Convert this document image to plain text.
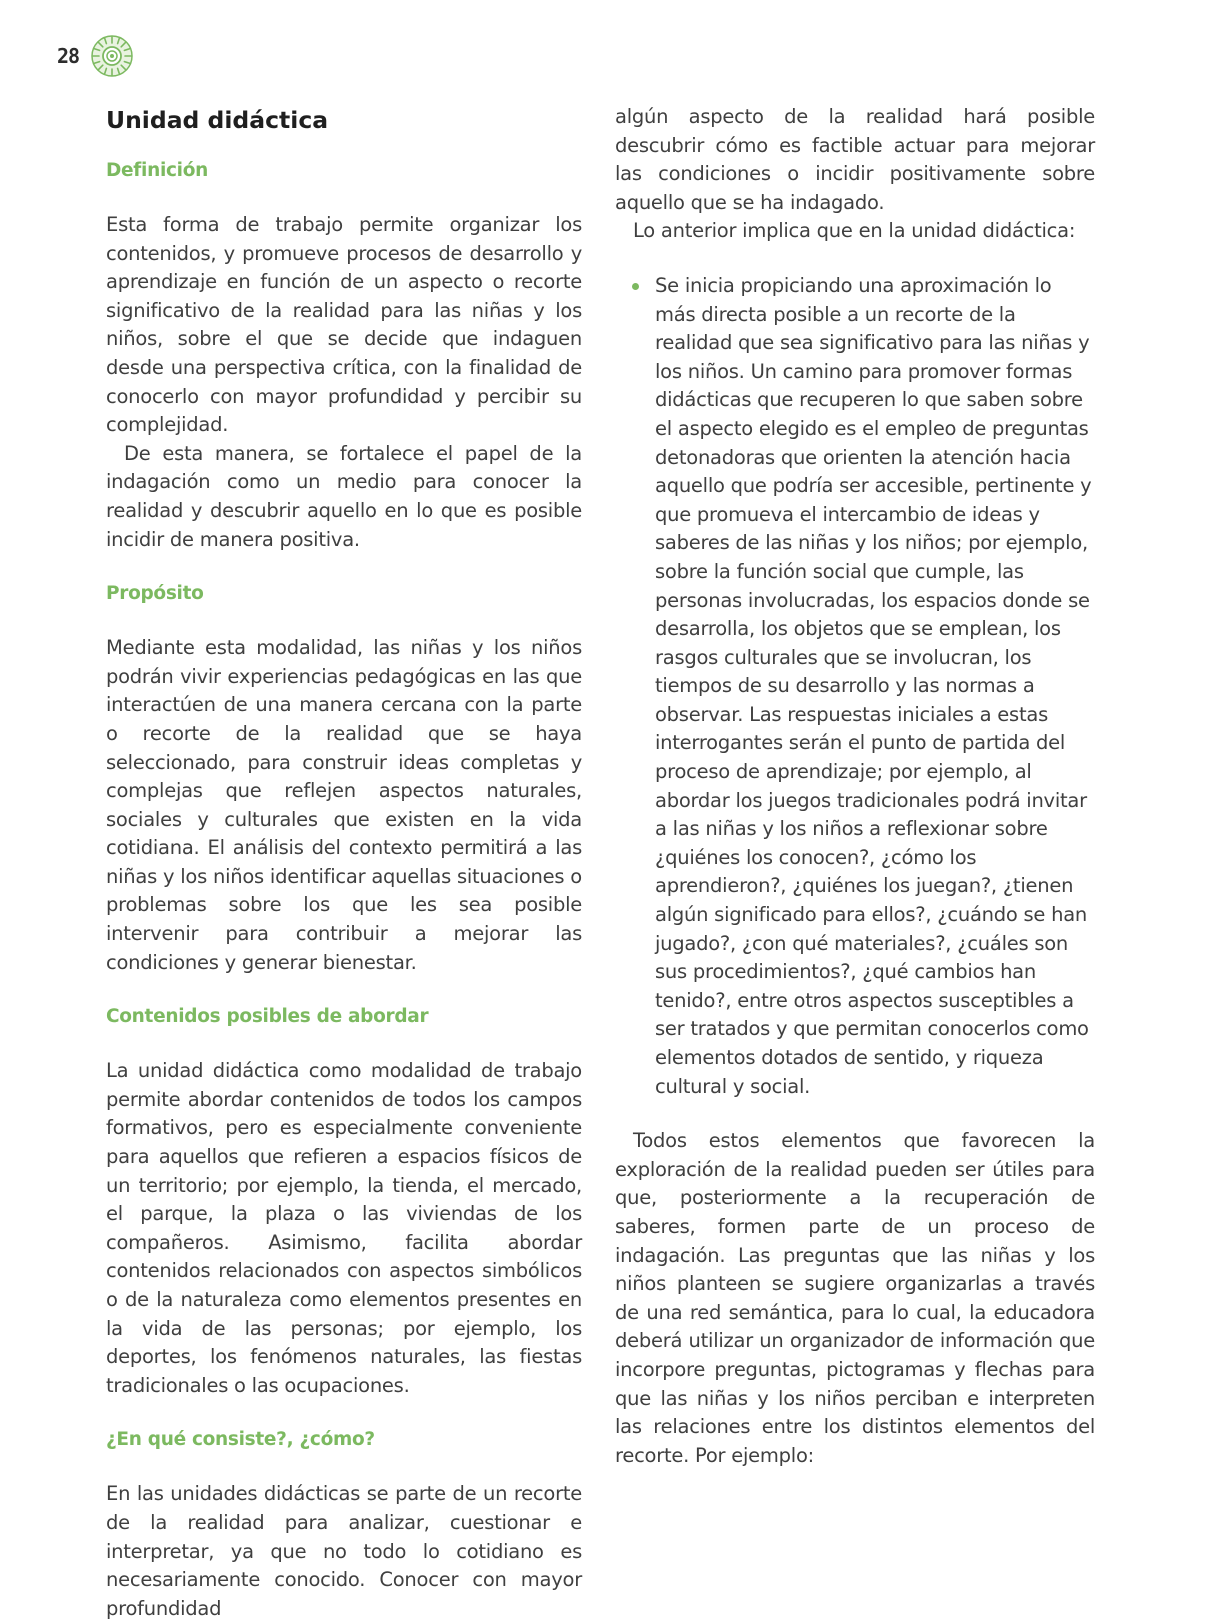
28
Unidad didáctica
Definición

Esta forma de trabajo permite organizar los contenidos, y promueve procesos de desarrollo y aprendizaje en función de un aspecto o recorte significativo de la realidad para las niñas y los niños, sobre el que se decide que indaguen desde una perspectiva crítica, con la finalidad de conocerlo con mayor profundidad y percibir su complejidad.

De esta manera, se fortalece el papel de la indagación como un medio para conocer la realidad y descubrir aquello en lo que es posible incidir de manera positiva.

Propósito

Mediante esta modalidad, las niñas y los niños podrán vivir experiencias pedagógicas en las que interactúen de una manera cercana con la parte o recorte de la realidad que se haya seleccionado, para construir ideas completas y complejas que reflejen aspectos naturales, sociales y culturales que existen en la vida cotidiana. El análisis del contexto permitirá a las niñas y los niños identificar aquellas situaciones o problemas sobre los que les sea posible intervenir para contribuir a mejorar las condiciones y generar bienestar.

Contenidos posibles de abordar

La unidad didáctica como modalidad de trabajo permite abordar contenidos de todos los campos formativos, pero es especialmente conveniente para aquellos que refieren a espacios físicos de un territorio; por ejemplo, la tienda, el mercado, el parque, la plaza o las viviendas de los compañeros. Asimismo, facilita abordar contenidos relacionados con aspectos simbólicos o de la naturaleza como elementos presentes en la vida de las personas; por ejemplo, los deportes, los fenómenos naturales, las fiestas tradicionales o las ocupaciones.

¿En qué consiste?, ¿cómo?

En las unidades didácticas se parte de un recorte de la realidad para analizar, cuestionar e interpretar, ya que no todo lo cotidiano es necesariamente conocido. Conocer con mayor profundidad

algún aspecto de la realidad hará posible descubrir cómo es factible actuar para mejorar las condiciones o incidir positivamente sobre aquello que se ha indagado.

Lo anterior implica que en la unidad didáctica:

Se inicia propiciando una aproximación lo más directa posible a un recorte de la realidad que sea significativo para las niñas y los niños. Un camino para promover formas didácticas que recuperen lo que saben sobre el aspecto elegido es el empleo de preguntas detonadoras que orienten la atención hacia aquello que podría ser accesible, pertinente y que promueva el intercambio de ideas y saberes de las niñas y los niños; por ejemplo, sobre la función social que cumple, las personas involucradas, los espacios donde se desarrolla, los objetos que se emplean, los rasgos culturales que se involucran, los tiempos de su desarrollo y las normas a observar. Las respuestas iniciales a estas interrogantes serán el punto de partida del proceso de aprendizaje; por ejemplo, al abordar los juegos tradicionales podrá invitar a las niñas y los niños a reflexionar sobre ¿quiénes los conocen?, ¿cómo los aprendieron?, ¿quiénes los juegan?, ¿tienen algún significado para ellos?, ¿cuándo se han jugado?, ¿con qué materiales?, ¿cuáles son sus procedimientos?, ¿qué cambios han tenido?, entre otros aspectos susceptibles a ser tratados y que permitan conocerlos como elementos dotados de sentido, y riqueza cultural y social.

Todos estos elementos que favorecen la exploración de la realidad pueden ser útiles para que, posteriormente a la recuperación de saberes, formen parte de un proceso de indagación. Las preguntas que las niñas y los niños planteen se sugiere organizarlas a través de una red semántica, para lo cual, la educadora deberá utilizar un organizador de información que incorpore preguntas, pictogramas y flechas para que las niñas y los niños perciban e interpreten las relaciones entre los distintos elementos del recorte. Por ejemplo:
